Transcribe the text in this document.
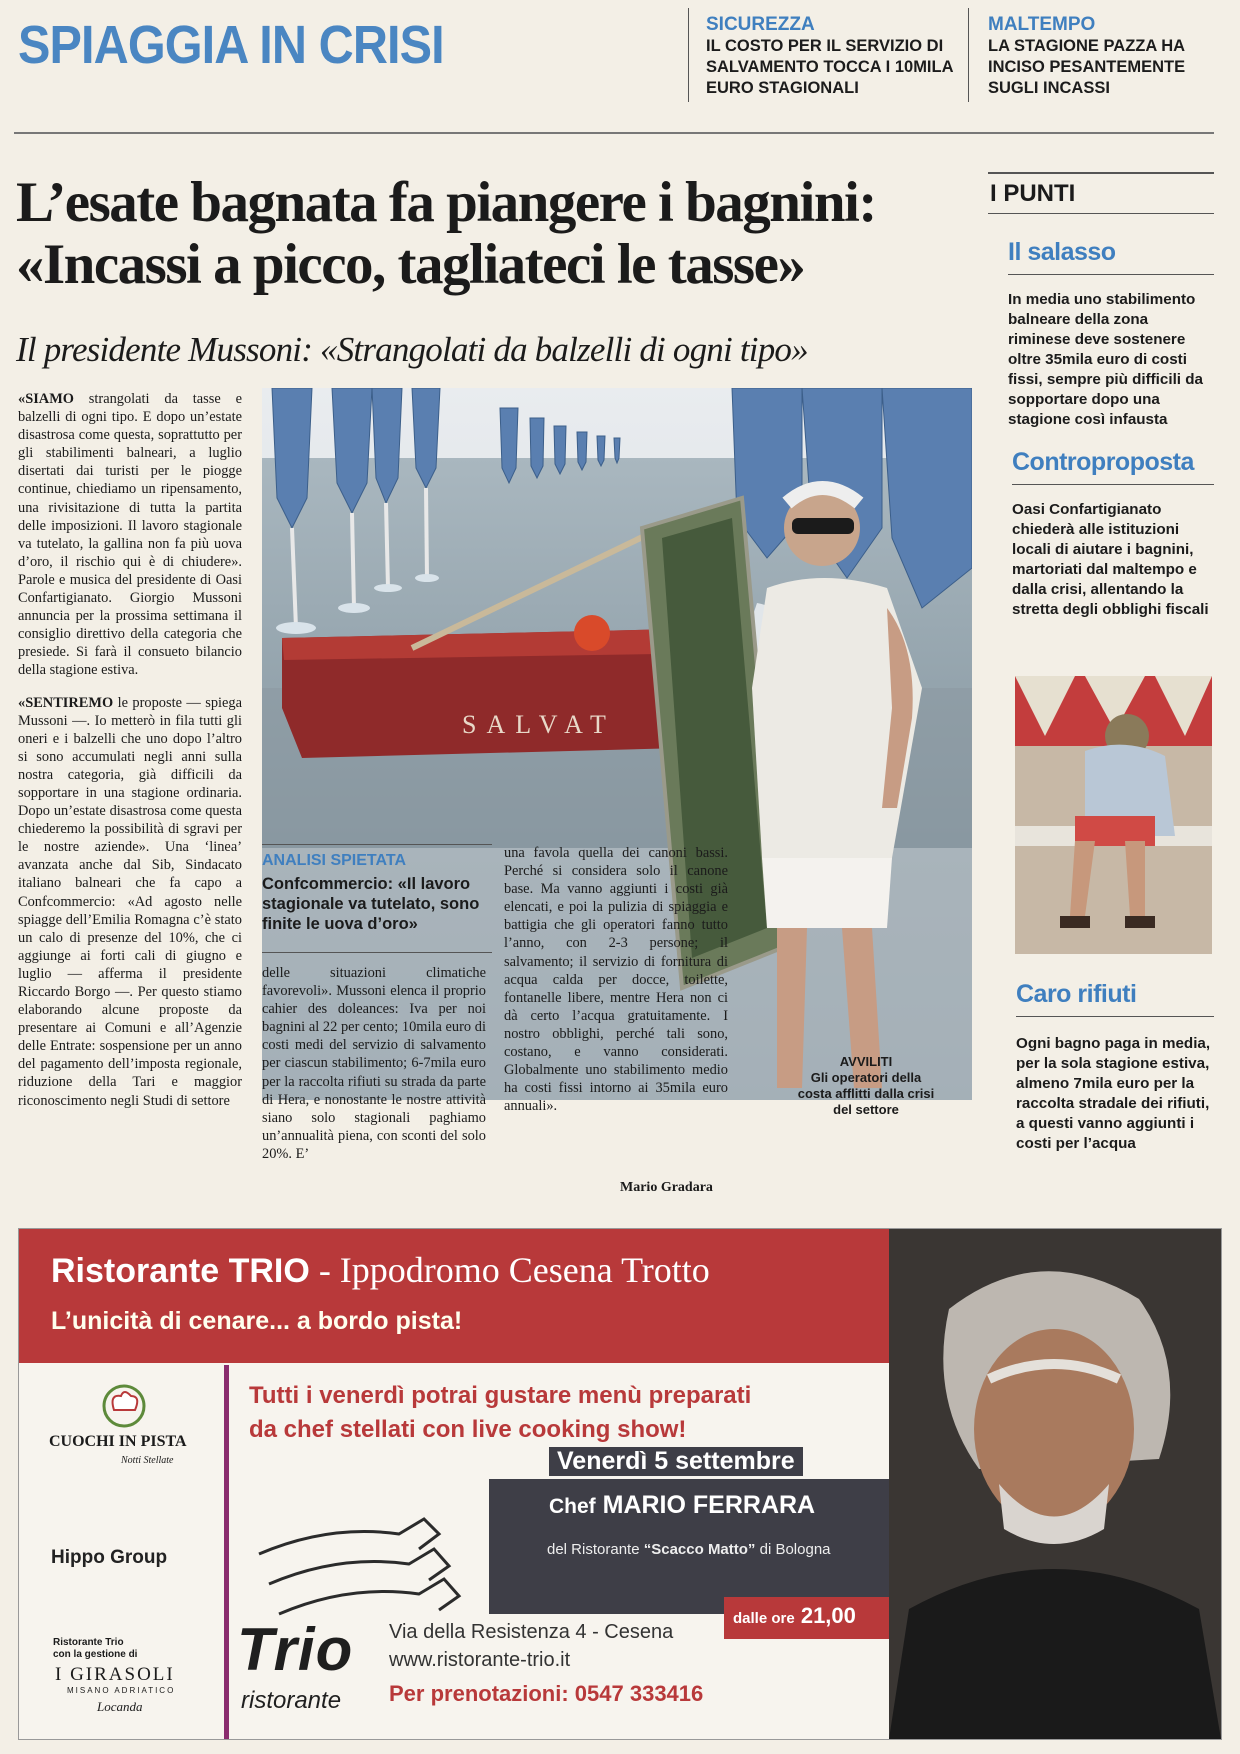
SPIAGGIA IN CRISI	SICUREZZA
IL COSTO PER IL SERVIZIO DI SALVAMENTO TOCCA I 10MILA EURO STAGIONALI
MALTEMPO
LA STAGIONE PAZZA HA INCISO PESANTEMENTE SUGLI INCASSI
L’esate bagnata fa piangere i bagnini:
«Incassi a picco, tagliateci le tasse»
Il presidente Mussoni: «Strangolati da balzelli di ogni tipo»

«SIAMO strangolati da tasse e balzelli di ogni tipo. E dopo un’estate disastrosa come questa, soprattutto per gli stabilimenti balneari, a luglio disertati dai turisti per le piogge continue, chiediamo un ripensamento, una rivisitazione di tutta la partita delle imposizioni. Il lavoro stagionale va tutelato, la gallina non fa più uova d’oro, il rischio qui è di chiudere». Parole e musica del presidente di Oasi Confartigianato. Giorgio Mussoni annuncia per la prossima settimana il consiglio direttivo della categoria che presiede. Si farà il consueto bilancio della stagione estiva.

«SENTIREMO le proposte — spiega Mussoni —. Io metterò in fila tutti gli oneri e i balzelli che uno dopo l’altro si sono accumulati negli anni sulla nostra categoria, già difficili da sopportare in una stagione ordinaria. Dopo un’estate disastrosa come questa chiederemo la possibilità di sgravi per le nostre aziende». Una ‘linea’ avanzata anche dal Sib, Sindacato italiano balneari che fa capo a Confcommercio: «Ad agosto nelle spiagge dell’Emilia Romagna c’è stato un calo di presenze del 10%, che ci aggiunge ai forti cali di giugno e luglio — afferma il presidente Riccardo Borgo —. Per questo stiamo elaborando alcune proposte da presentare ai Comuni e all’Agenzie delle Entrate: sospensione per un anno del pagamento dell’imposta regionale, riduzione della Tari e maggior riconoscimento negli Studi di settore

SALVAT
AVVILITI
Gli operatori della costa afflitti dalla crisi del settore
ANALISI SPIETATA
Confcommercio: «Il lavoro stagionale va tutelato, sono finite le uova d’oro»
delle situazioni climatiche favorevoli». Mussoni elenca il proprio cahier des doleances: Iva per noi bagnini al 22 per cento; 10mila euro di costi medi del servizio di salvamento per ciascun stabilimento; 6-7mila euro per la raccolta rifiuti su strada da parte di Hera, e nonostante le nostre attività siano solo stagionali paghiamo un’annualità piena, con sconti del solo 20%. E’
una favola quella dei canoni bassi. Perché si considera solo il canone base. Ma vanno aggiunti i costi già elencati, e poi la pulizia di spiaggia e battigia che gli operatori fanno tutto l’anno, con 2-3 persone; il salvamento; il servizio di fornitura di acqua calda per docce, toilette, fontanelle libere, mentre Hera non ci dà certo l’acqua gratuitamente. I nostro obblighi, perché tali sono, costano, e vanno considerati. Globalmente uno stabilimento medio ha costi fissi intorno ai 35mila euro annuali».
Mario Gradara
I PUNTI
Il salasso
In media uno stabilimento balneare della zona riminese deve sostenere oltre 35mila euro di costi fissi, sempre più difficili da sopportare dopo una stagione così infausta
Controproposta
Oasi Confartigianato chiederà alle istituzioni locali di aiutare i bagnini, martoriati dal maltempo e dalla crisi, allentando la stretta degli obblighi fiscali
Caro rifiuti
Ogni bagno paga in media, per la sola stagione estiva, almeno 7mila euro per la raccolta stradale dei rifiuti, a questi vanno aggiunti i costi per l’acqua
Ristorante TRIO - Ippodromo Cesena Trotto
L’unicità di cenare... a bordo pista!
CUOCHI IN PISTA
Notti Stellate
Hippo Group
Ristorante Trio
con la gestione di
I GIRASOLI
MISANO ADRIATICO
Locanda
Tutti i venerdì potrai gustare menù preparati
da chef stellati con live cooking show!
Venerdì 5 settembre
Chef MARIO FERRARA
del Ristorante “Scacco Matto” di Bologna
dalle ore 21,00
Trio
ristorante
Via della Resistenza 4 - Cesena
www.ristorante-trio.it
Per prenotazioni: 0547 333416
